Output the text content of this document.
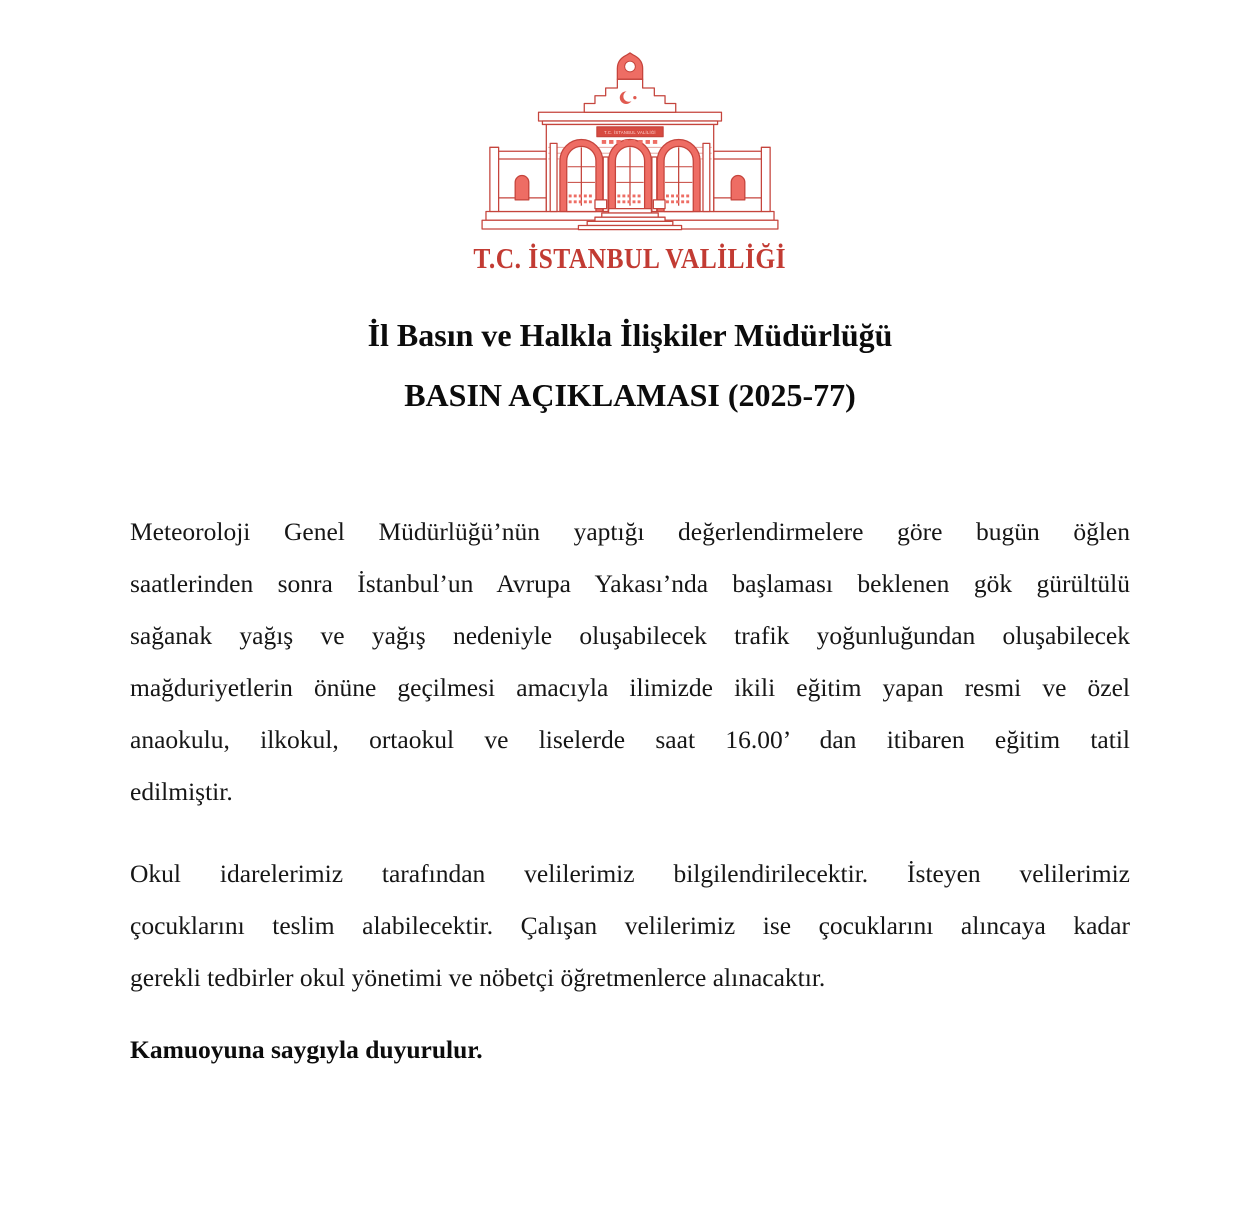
T.C. İSTANBUL VALİLİĞİ
T.C. İSTANBUL VALİLİĞİ
İl Basın ve Halkla İlişkiler Müdürlüğü
BASIN AÇIKLAMASI (2025-77)
Meteoroloji Genel Müdürlüğü’nün yaptığı değerlendirmelere göre bugün öğlen
saatlerinden sonra İstanbul’un Avrupa Yakası’nda başlaması beklenen gök gürültülü
sağanak yağış ve yağış nedeniyle oluşabilecek trafik yoğunluğundan oluşabilecek
mağduriyetlerin önüne geçilmesi amacıyla ilimizde ikili eğitim yapan resmi ve özel
anaokulu, ilkokul, ortaokul ve liselerde saat 16.00’ dan itibaren eğitim tatil
edilmiştir.
Okul idarelerimiz tarafından velilerimiz bilgilendirilecektir. İsteyen velilerimiz
çocuklarını teslim alabilecektir. Çalışan velilerimiz ise çocuklarını alıncaya kadar
gerekli tedbirler okul yönetimi ve nöbetçi öğretmenlerce alınacaktır.
Kamuoyuna saygıyla duyurulur.
